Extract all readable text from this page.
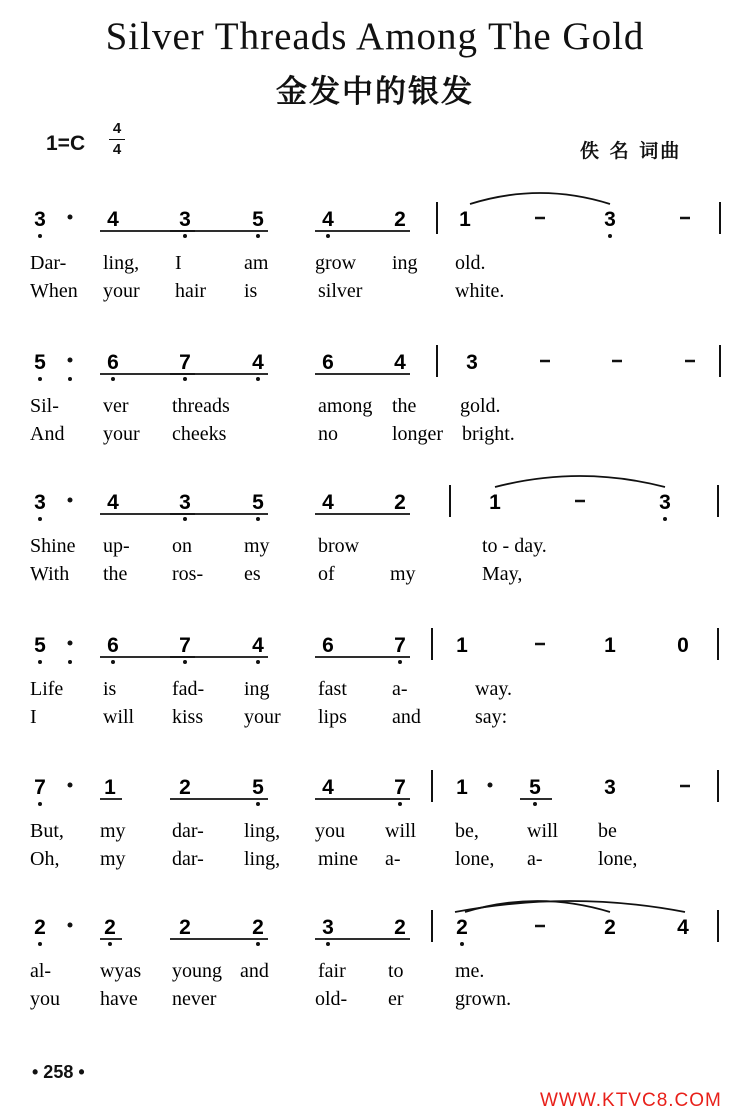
Silver Threads Among The Gold
金发中的银发
1=C
4
4	佚 名 词曲
3	4	3	5	4	2	1	3
Dar- ling, I	am grow ing old.
When your hair is	silver	white.
5	6	7	4	6	4	3
Sil- ver threads	among the gold.
And your cheeks	no	longer bright.
3	4	3	5	4	2	1	3
Shine up- on	my brow	to - day.
With the ros- es	of	my	May,
5	6	7	4	6	7 1	1	0
Life is	fad- ing fast a-	way.
I	will kiss your lips and	say:
7	1	2	5	4	7 1	5	3
But, my dar- ling, you will be, will be
Oh, my dar- ling, mine a-	lone, a-	lone,
2	2	2	2	3	2 2	2	4
al- wyas young and fair to	me.
you have never	old- er	grown.
• 258 •
WWW.KTVC8.COM
